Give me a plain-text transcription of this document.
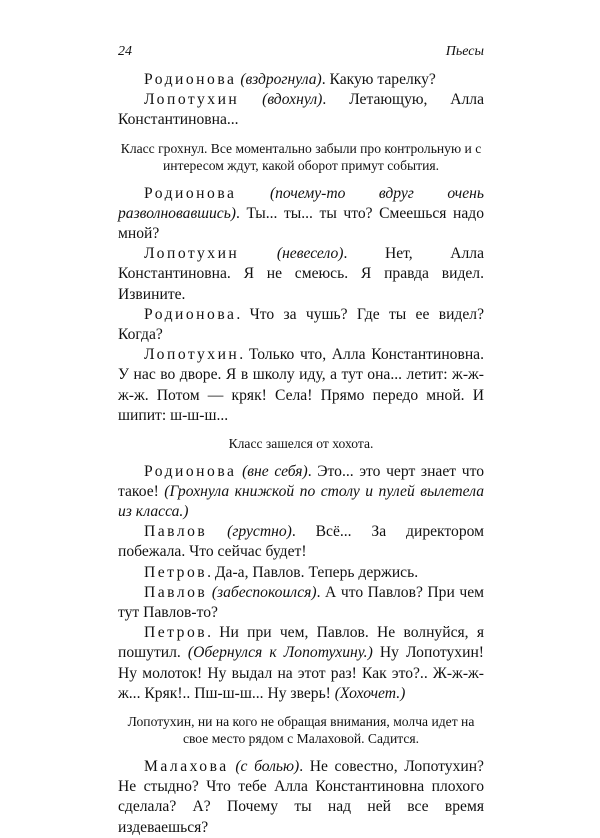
24	Пьесы

Родионова (вздрогнула). Какую тарелку?

Лопотухин (вдохнул). Летающую, Алла Константиновна...

Класс грохнул. Все моментально забыли про контрольную и с интересом ждут, какой оборот примут события.

Родионова (почему-то вдруг очень разволновавшись). Ты... ты... ты что? Смеешься надо мной?

Лопотухин (невесело). Нет, Алла Константиновна. Я не смеюсь. Я правда видел. Извините.

Родионова. Что за чушь? Где ты ее видел? Когда?

Лопотухин. Только что, Алла Константиновна. У нас во дворе. Я в школу иду, а тут она... летит: ж-ж-ж-ж. Потом — кряк! Села! Прямо передо мной. И шипит: ш-ш-ш...

Класс зашелся от хохота.

Родионова (вне себя). Это... это черт знает что такое! (Грохнула книжкой по столу и пулей вылетела из класса.)

Павлов (грустно). Всё... За директором побежала. Что сейчас будет!

Петров. Да-а, Павлов. Теперь держись.

Павлов (забеспокоился). А что Павлов? При чем тут Павлов-то?

Петров. Ни при чем, Павлов. Не волнуйся, я пошутил. (Обернулся к Лопотухину.) Ну Лопотухин! Ну молоток! Ну выдал на этот раз! Как это?.. Ж-ж-ж-ж... Кряк!.. Пш-ш-ш... Ну зверь! (Хохочет.)

Лопотухин, ни на кого не обращая внимания, молча идет на свое место рядом с Малаховой. Садится.

Малахова (с болью). Не совестно, Лопотухин? Не стыдно? Что тебе Алла Константиновна плохого сделала? А? Почему ты над ней все время издеваешься?
